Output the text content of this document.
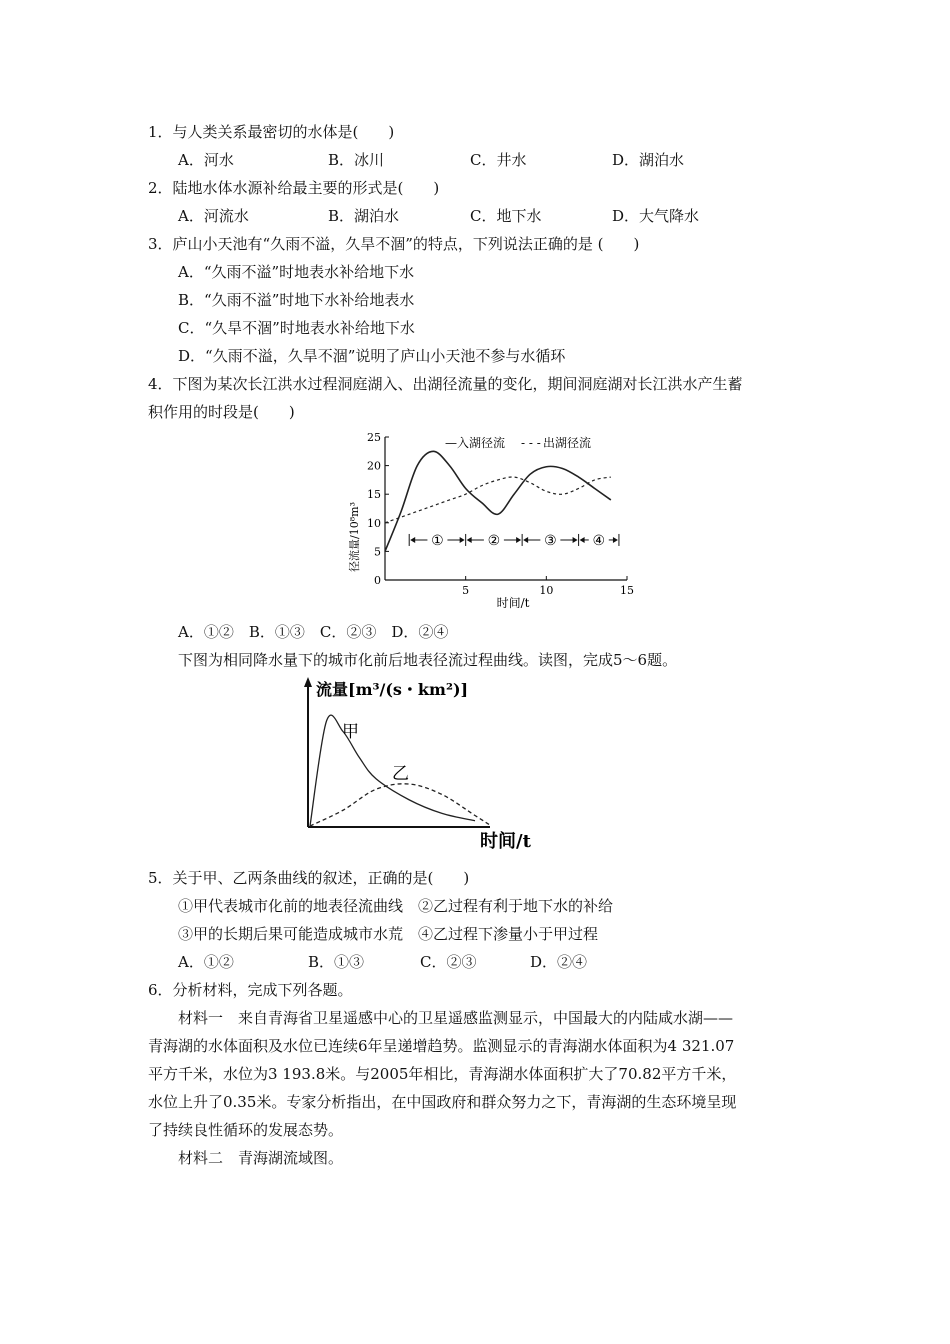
1．与人类关系最密切的水体是(　　)
A．河水	B．冰川	C．井水	D．湖泊水
2．陆地水体水源补给最主要的形式是(　　)
A．河流水	B．湖泊水	C．地下水	D．大气降水
3．庐山小天池有“久雨不溢，久旱不涸”的特点，下列说法正确的是 (　　)
A．“久雨不溢”时地表水补给地下水
B．“久雨不溢”时地下水补给地表水
C．“久旱不涸”时地表水补给地下水
D．“久雨不溢，久旱不涸”说明了庐山小天池不参与水循环
4．下图为某次长江洪水过程洞庭湖入、出湖径流量的变化，期间洞庭湖对长江洪水产生蓄
积作用的时段是(　　)
0
5
10
15
20
25
5	10	15
①	②	③	④
—入湖径流 - - - 出湖径流
径流量/10⁸m³
时间/t
A．①②　B．①③　C．②③　D．②④
下图为相同降水量下的城市化前后地表径流过程曲线。读图，完成5～6题。
流量[m³/(s・km²)]
时间/t
甲
乙
5．关于甲、乙两条曲线的叙述，正确的是(　　)
①甲代表城市化前的地表径流曲线　②乙过程有利于地下水的补给
③甲的长期后果可能造成城市水荒　④乙过程下渗量小于甲过程
A．①②	B．①③	C．②③	D．②④
6．分析材料，完成下列各题。
材料一　来自青海省卫星遥感中心的卫星遥感监测显示，中国最大的内陆咸水湖——
青海湖的水体面积及水位已连续6年呈递增趋势。监测显示的青海湖水体面积为4 321.07
平方千米，水位为3 193.8米。与2005年相比，青海湖水体面积扩大了70.82平方千米，
水位上升了0.35米。专家分析指出，在中国政府和群众努力之下，青海湖的生态环境呈现
了持续良性循环的发展态势。
材料二　青海湖流域图。
